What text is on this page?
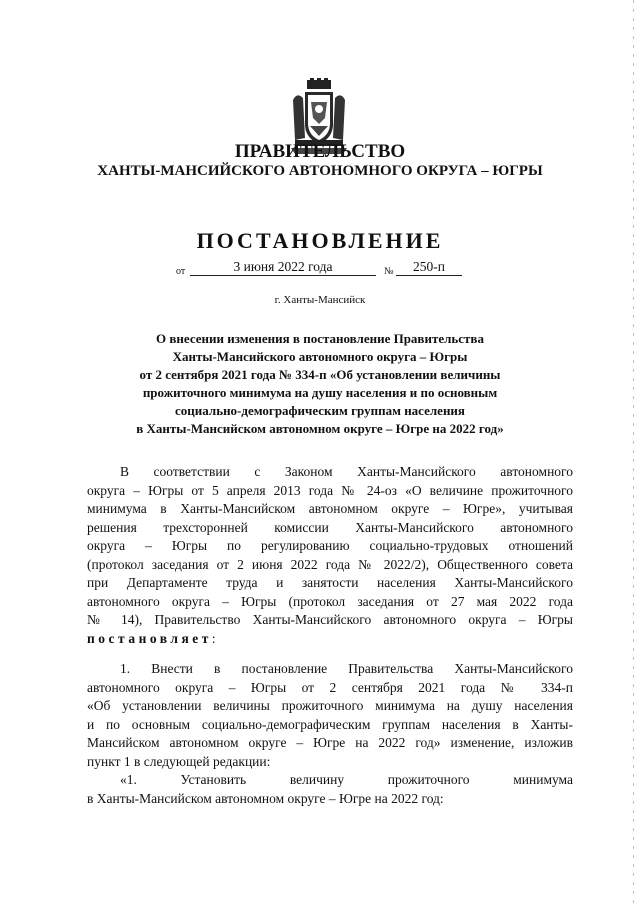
ПРАВИТЕЛЬСТВО
ХАНТЫ-МАНСИЙСКОГО АВТОНОМНОГО ОКРУГА – ЮГРЫ
ПОСТАНОВЛЕНИЕ
от	3 июня 2022 года	№	250-п
г. Ханты-Мансийск
О внесении изменения в постановление Правительства
Ханты-Мансийского автономного округа – Югры
от 2 сентября 2021 года № 334-п «Об установлении величины
прожиточного минимума на душу населения и по основным
социально-демографическим группам населения
в Ханты-Мансийском автономном округе – Югре на 2022 год»
В соответствии с Законом Ханты-Мансийского автономного
округа – Югры от 5 апреля 2013 года № 24-оз «О величине прожиточного
минимума в Ханты-Мансийском автономном округе – Югре», учитывая
решения трехсторонней комиссии Ханты-Мансийского автономного
округа – Югры по регулированию социально-трудовых отношений
(протокол заседания от 2 июня 2022 года № 2022/2), Общественного совета
при Департаменте труда и занятости населения Ханты-Мансийского
автономного округа – Югры (протокол заседания от 27 мая 2022 года
№ 14), Правительство Ханты-Мансийского автономного округа – Югры
постановляет:
1. Внести в постановление Правительства Ханты-Мансийского
автономного округа – Югры от 2 сентября 2021 года № 334-п
«Об установлении величины прожиточного минимума на душу населения
и по основным социально-демографическим группам населения в Ханты-
Мансийском автономном округе – Югре на 2022 год» изменение, изложив
пункт 1 в следующей редакции:
«1. Установить величину прожиточного минимума
в Ханты-Мансийском автономном округе – Югре на 2022 год:
